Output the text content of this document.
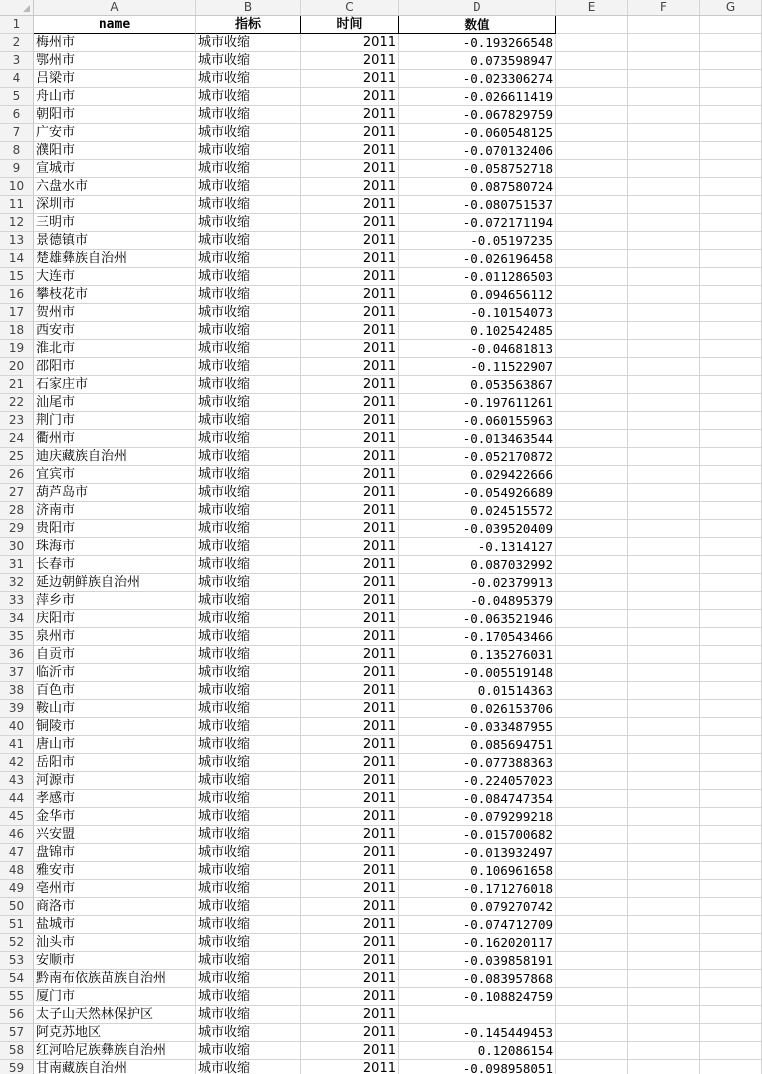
A	B	C	D	E	F	G
1	name	指标	时间	数值
2	梅州市	城市收缩	2011	-0.193266548
3	鄂州市	城市收缩	2011	0.073598947
4	吕梁市	城市收缩	2011	-0.023306274
5	舟山市	城市收缩	2011	-0.026611419
6	朝阳市	城市收缩	2011	-0.067829759
7	广安市	城市收缩	2011	-0.060548125
8	濮阳市	城市收缩	2011	-0.070132406
9	宣城市	城市收缩	2011	-0.058752718
10 六盘水市	城市收缩	2011	0.087580724
11 深圳市	城市收缩	2011	-0.080751537
12 三明市	城市收缩	2011	-0.072171194
13 景德镇市	城市收缩	2011	-0.05197235
14 楚雄彝族自治州	城市收缩	2011	-0.026196458
15 大连市	城市收缩	2011	-0.011286503
16 攀枝花市	城市收缩	2011	0.094656112
17 贺州市	城市收缩	2011	-0.10154073
18 西安市	城市收缩	2011	0.102542485
19 淮北市	城市收缩	2011	-0.04681813
20 邵阳市	城市收缩	2011	-0.11522907
21 石家庄市	城市收缩	2011	0.053563867
22 汕尾市	城市收缩	2011	-0.197611261
23 荆门市	城市收缩	2011	-0.060155963
24 衢州市	城市收缩	2011	-0.013463544
25 迪庆藏族自治州	城市收缩	2011	-0.052170872
26 宜宾市	城市收缩	2011	0.029422666
27 葫芦岛市	城市收缩	2011	-0.054926689
28 济南市	城市收缩	2011	0.024515572
29 贵阳市	城市收缩	2011	-0.039520409
30 珠海市	城市收缩	2011	-0.1314127
31 长春市	城市收缩	2011	0.087032992
32 延边朝鲜族自治州	城市收缩	2011	-0.02379913
33 萍乡市	城市收缩	2011	-0.04895379
34 庆阳市	城市收缩	2011	-0.063521946
35 泉州市	城市收缩	2011	-0.170543466
36 自贡市	城市收缩	2011	0.135276031
37 临沂市	城市收缩	2011	-0.005519148
38 百色市	城市收缩	2011	0.01514363
39 鞍山市	城市收缩	2011	0.026153706
40 铜陵市	城市收缩	2011	-0.033487955
41 唐山市	城市收缩	2011	0.085694751
42 岳阳市	城市收缩	2011	-0.077388363
43 河源市	城市收缩	2011	-0.224057023
44 孝感市	城市收缩	2011	-0.084747354
45 金华市	城市收缩	2011	-0.079299218
46 兴安盟	城市收缩	2011	-0.015700682
47 盘锦市	城市收缩	2011	-0.013932497
48 雅安市	城市收缩	2011	0.106961658
49 亳州市	城市收缩	2011	-0.171276018
50 商洛市	城市收缩	2011	0.079270742
51 盐城市	城市收缩	2011	-0.074712709
52 汕头市	城市收缩	2011	-0.162020117
53 安顺市	城市收缩	2011	-0.039858191
54 黔南布依族苗族自治州	城市收缩	2011	-0.083957868
55 厦门市	城市收缩	2011	-0.108824759
56 太子山天然林保护区	城市收缩	2011
57 阿克苏地区	城市收缩	2011	-0.145449453
58 红河哈尼族彝族自治州	城市收缩	2011	0.12086154
59 甘南藏族自治州	城市收缩	2011	-0.098958051
